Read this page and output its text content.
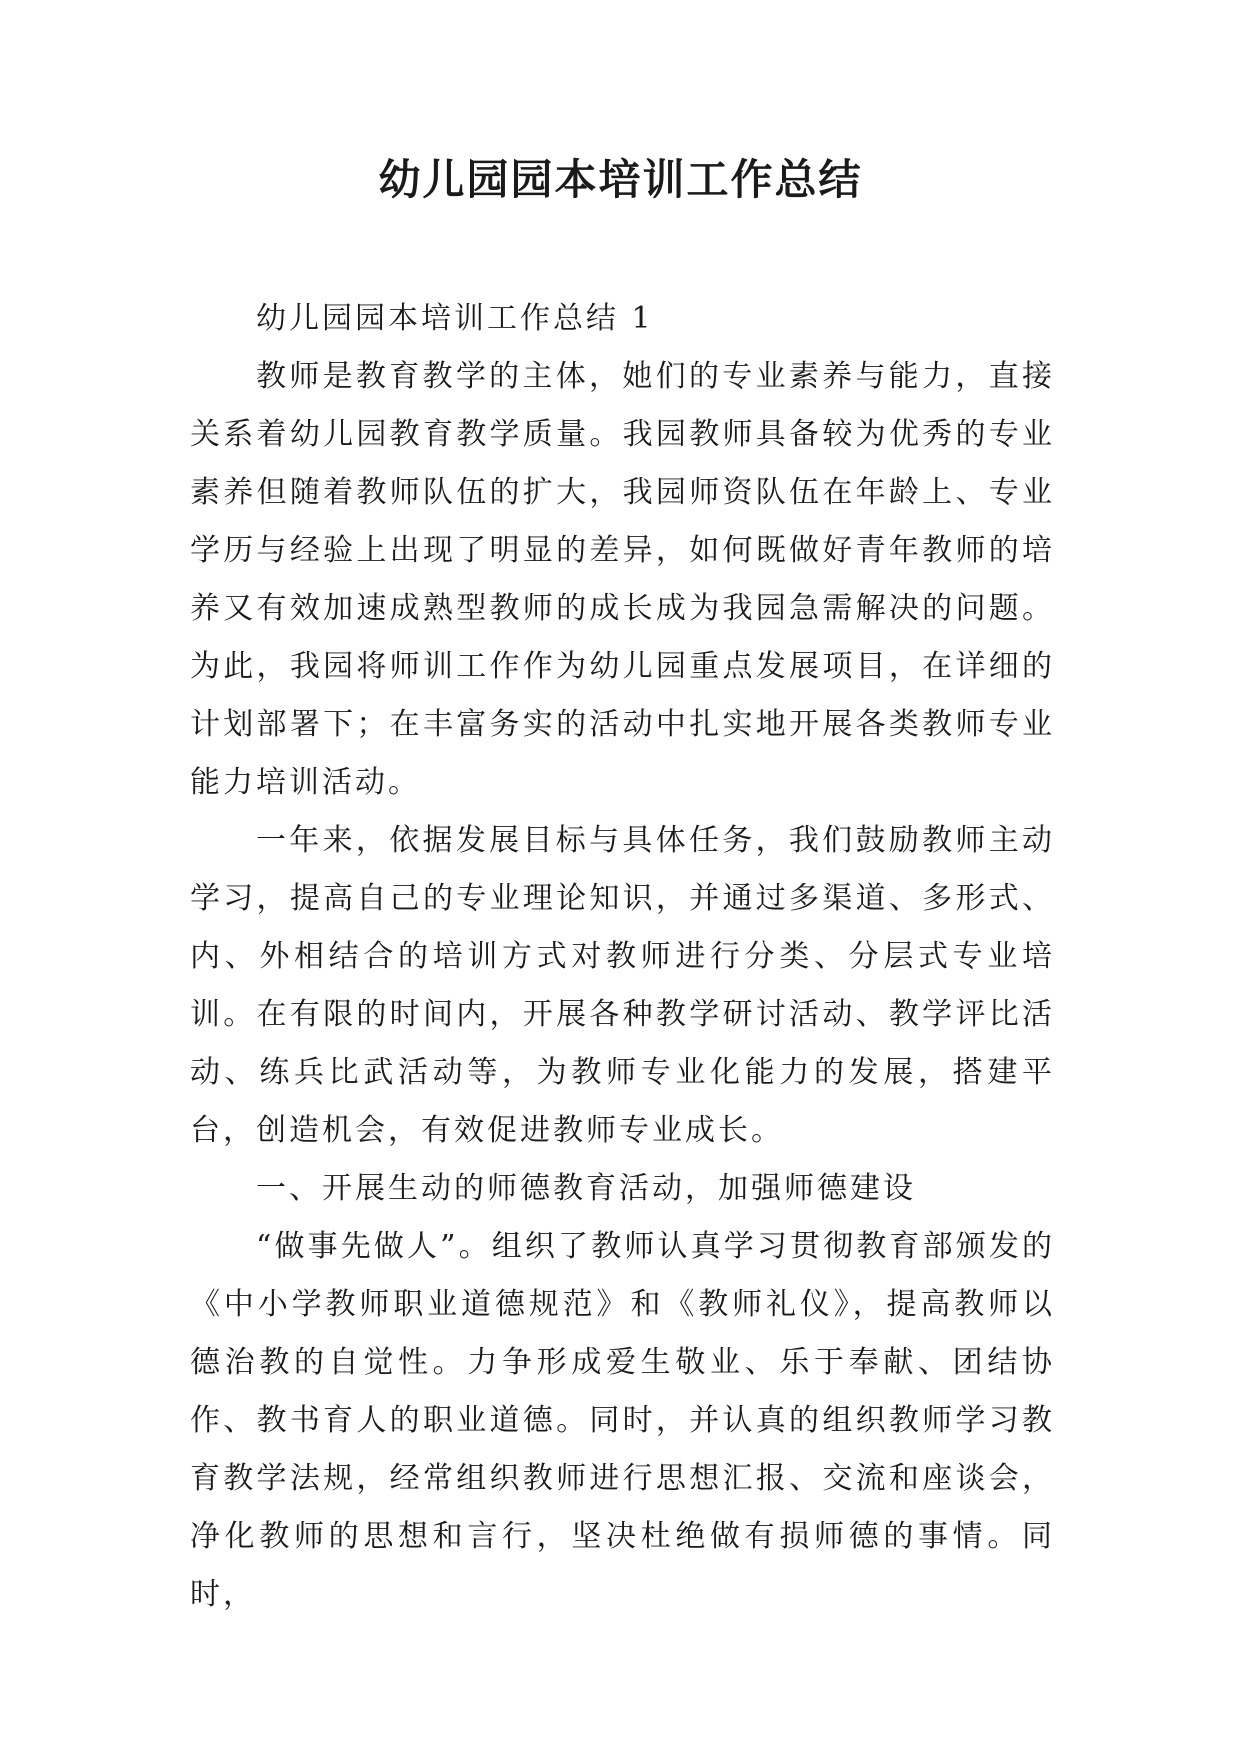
幼儿园园本培训工作总结

幼儿园园本培训工作总结 1

教师是教育教学的主体，她们的专业素养与能力，直接关系着幼儿园教育教学质量。我园教师具备较为优秀的专业素养但随着教师队伍的扩大，我园师资队伍在年龄上、专业学历与经验上出现了明显的差异，如何既做好青年教师的培养又有效加速成熟型教师的成长成为我园急需解决的问题。为此，我园将师训工作作为幼儿园重点发展项目，在详细的计划部署下；在丰富务实的活动中扎实地开展各类教师专业能力培训活动。

一年来，依据发展目标与具体任务，我们鼓励教师主动学习，提高自己的专业理论知识，并通过多渠道、多形式、内、外相结合的培训方式对教师进行分类、分层式专业培训。在有限的时间内，开展各种教学研讨活动、教学评比活动、练兵比武活动等，为教师专业化能力的发展，搭建平台，创造机会，有效促进教师专业成长。

一、开展生动的师德教育活动，加强师德建设

“做事先做人”。组织了教师认真学习贯彻教育部颁发的《中小学教师职业道德规范》和《教师礼仪》，提高教师以德治教的自觉性。力争形成爱生敬业、乐于奉献、团结协作、教书育人的职业道德。同时，并认真的组织教师学习教育教学法规，经常组织教师进行思想汇报、交流和座谈会，净化教师的思想和言行，坚决杜绝做有损师德的事情。同时，
